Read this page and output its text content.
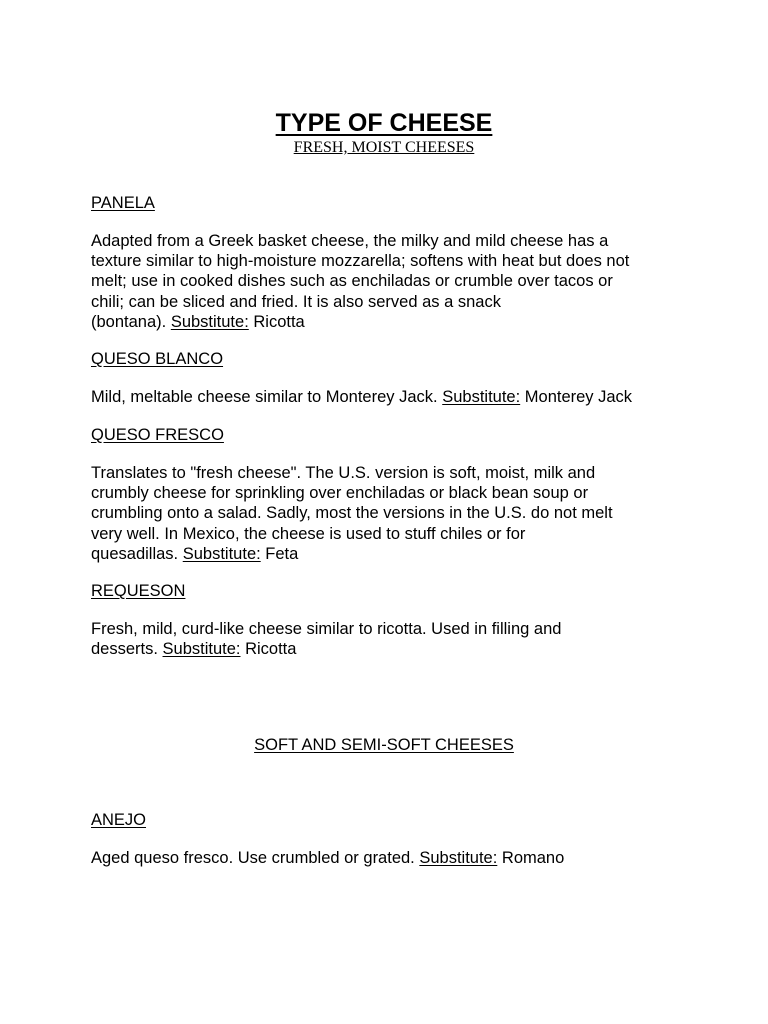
TYPE OF CHEESE
FRESH, MOIST CHEESES
PANELA
Adapted from a Greek basket cheese, the milky and mild cheese has a
texture similar to high-moisture mozzarella; softens with heat but does not
melt; use in cooked dishes such as enchiladas or crumble over tacos or
chili; can be sliced and fried. It is also served as a snack
(bontana). Substitute: Ricotta
QUESO BLANCO
Mild, meltable cheese similar to Monterey Jack. Substitute: Monterey Jack
QUESO FRESCO
Translates to "fresh cheese". The U.S. version is soft, moist, milk and
crumbly cheese for sprinkling over enchiladas or black bean soup or
crumbling onto a salad. Sadly, most the versions in the U.S. do not melt
very well. In Mexico, the cheese is used to stuff chiles or for
quesadillas. Substitute: Feta
REQUESON
Fresh, mild, curd-like cheese similar to ricotta. Used in filling and
desserts. Substitute: Ricotta
SOFT AND SEMI-SOFT CHEESES
ANEJO
Aged queso fresco. Use crumbled or grated. Substitute: Romano
